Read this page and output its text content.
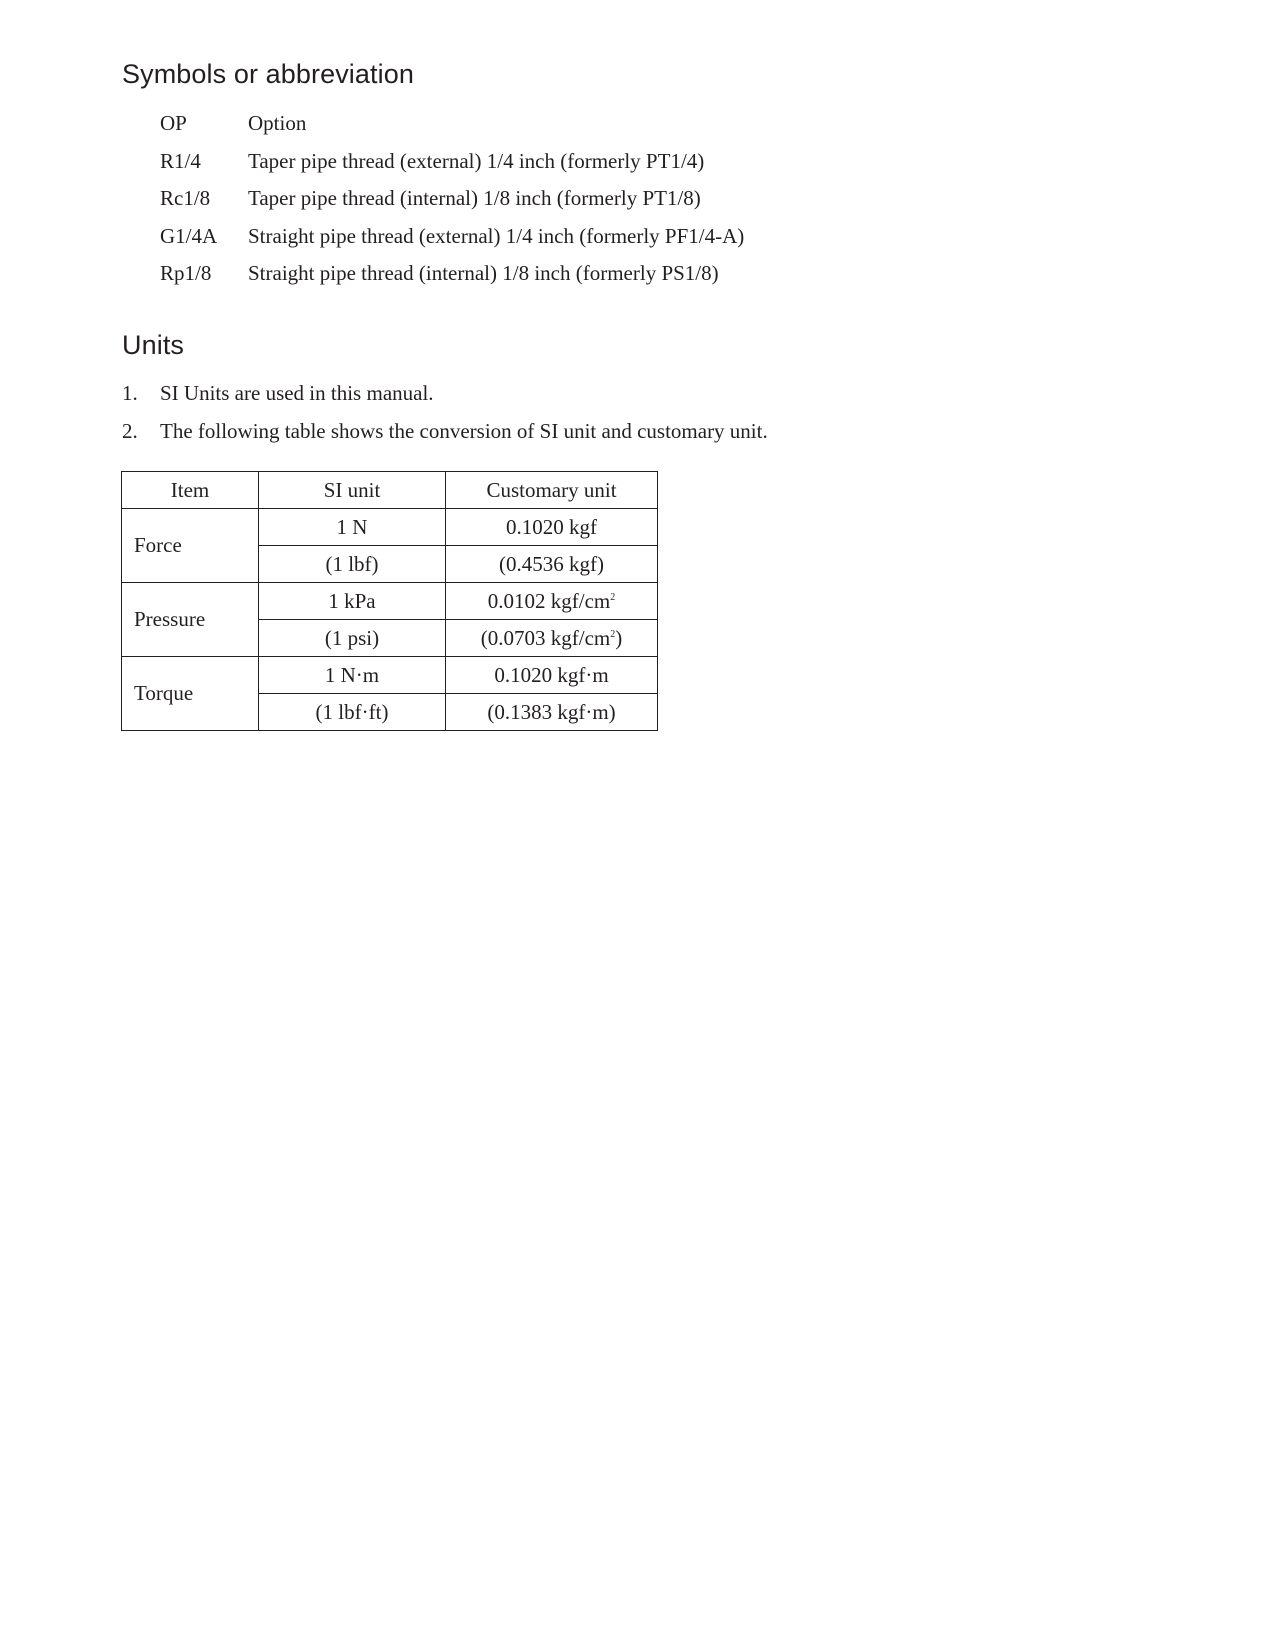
Symbols or abbreviation
OP	Option
R1/4 Taper pipe thread (external) 1/4 inch (formerly PT1/4)
Rc1/8 Taper pipe thread (internal) 1/8 inch (formerly PT1/8)
G1/4A Straight pipe thread (external) 1/4 inch (formerly PF1/4-A)
Rp1/8 Straight pipe thread (internal) 1/8 inch (formerly PS1/8)
Units
1. SI Units are used in this manual.
2. The following table shows the conversion of SI unit and customary unit.
Item	SI unit	Customary unit
Force	1 N	0.1020 kgf
	(1 lbf)	(0.4536 kgf)
Pressure	1 kPa	0.0102 kgf/$cm^2$
	(1 psi)	(0.0703 kgf/$cm^2$)
Torque	1 N·m	0.1020 kgf·m
	(1 lbf·ft)	(0.1383 kgf·m)
